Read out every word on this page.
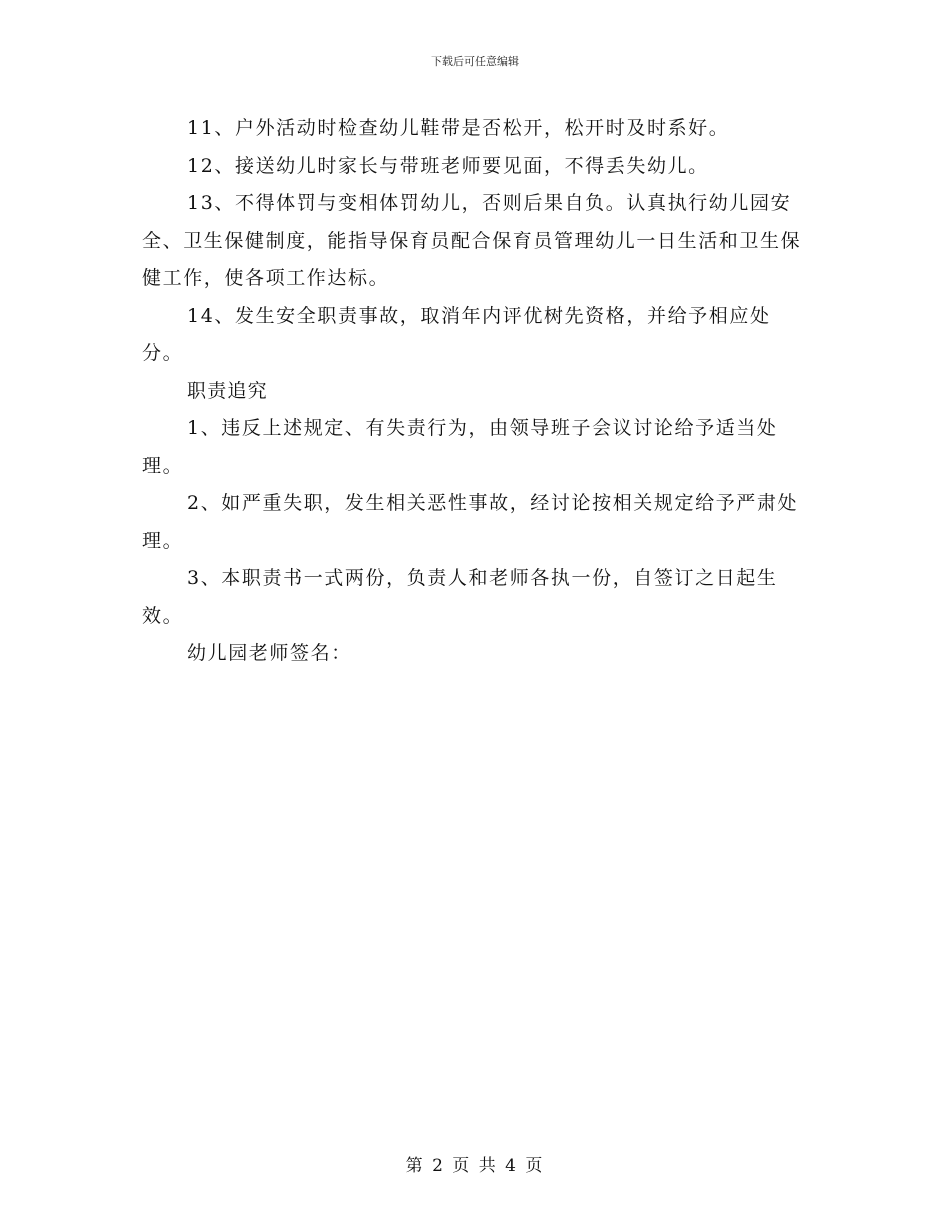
下载后可任意编辑

11、户外活动时检查幼儿鞋带是否松开，松开时及时系好。

12、接送幼儿时家长与带班老师要见面，不得丢失幼儿。

13、不得体罚与变相体罚幼儿，否则后果自负。认真执行幼儿园安全、卫生保健制度，能指导保育员配合保育员管理幼儿一日生活和卫生保健工作，使各项工作达标。

14、发生安全职责事故，取消年内评优树先资格，并给予相应处分。

职责追究

1、违反上述规定、有失责行为，由领导班子会议讨论给予适当处理。

2、如严重失职，发生相关恶性事故，经讨论按相关规定给予严肃处理。

3、本职责书一式两份，负责人和老师各执一份，自签订之日起生效。

幼儿园老师签名：

第 2 页 共 4 页
